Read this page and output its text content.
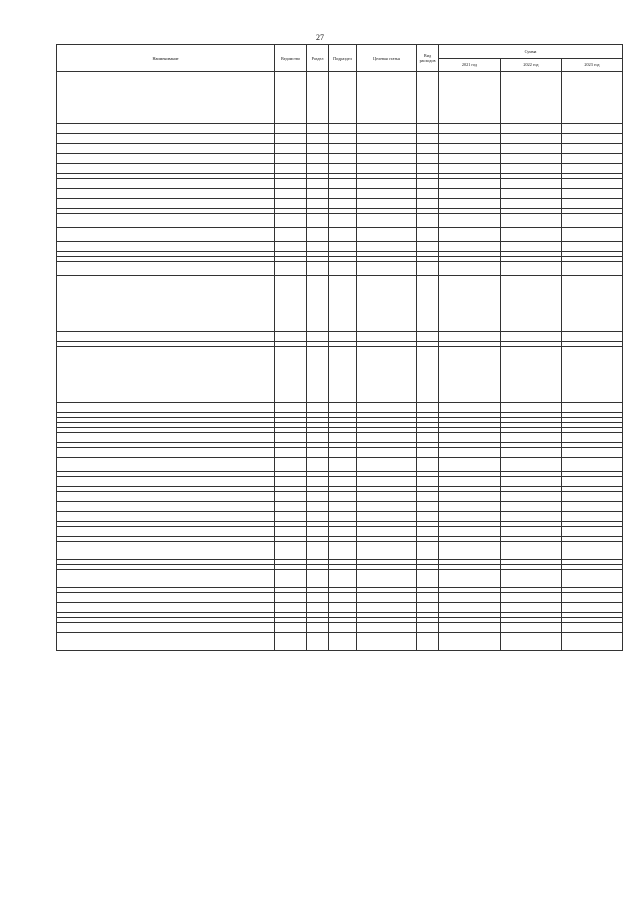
27
Наименование	Ведомство	Раздел	Подраздел	Целевая статья	Вид расходов	Сумма		
						2021 год	2022 год	2023 год
